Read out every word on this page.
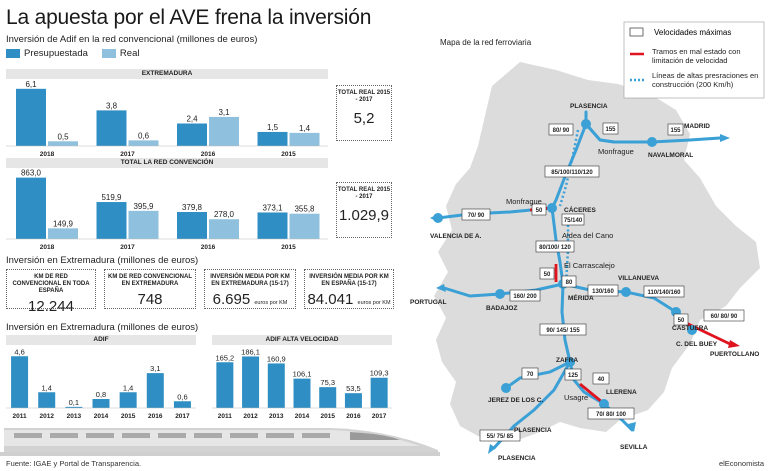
La apuesta por el AVE frena la inversión
Inversión de Adif en la red convencional (millones de euros)
Presupuestada	Real
EXTREMADURA
6,1
0,5
2018
3,8
0,6
2017
2,4
3,1
2016
1,5	1,4
2015
TOTAL REAL 2015 - 2017
5,2
TOTAL LA RED CONVENCIÓN
863,0
149,9
2018
519,9
395,9
2017
379,8
278,0
2016
373,1 355,8
2015
TOTAL REAL 2015 - 2017
1.029,9
Inversión en Extremadura (millones de euros)
KM DE RED CONVENCIONAL EN TODA ESPAÑA
12.244
KM DE RED CONVENCIONAL EN EXTREMADURA
748
INVERSIÓN MEDIA POR KM EN EXTREMADURA (15-17)
6.695 euros por KM
INVERSIÓN MEDIA POR KM EN ESPAÑA (15-17)
84.041 euros por KM
Inversión en Extremadura (millones de euros)
ADIF
4,6
2011
1,4
2012
0,1
2013
0,8
2014
1,4
2015
3,1
2016
0,6
2017
ADIF ALTA VELOCIDAD
165,2
2011
186,1
2012
160,9
2013
106,1
2014
75,3
2015
53,5
2016
109,3
2017
Fuente: IGAE y Portal de Transparencia.
Mapa de la red ferroviaria
Velocidades máximas
Tramos en mal estado con limitación de velocidad
Líneas de altas presraciones en construcción (200 Km/h)
80/ 90	155	155
85/100/110/120
70/ 90
50
75/140
80/100/ 120
50
80
160/ 200
130/160	110/140/160
60/ 80/ 90
50
90/ 145/ 155
70	125
40
70/ 80/ 100
55/ 75/ 85
PLASENCIA
MADRID
NAVALMORAL
CÁCERES
VALENCIA DE A.
VILLANUEVA
PORTUGAL
BADAJOZ
MÉRIDA
CASTUERA
PUERTOLLANO
C. DEL BUEY
ZAFRA
JEREZ DE LOS C.
LLERENA
PLASENCIA
PLASENCIA
SEVILLA
Monfrague
Monfrague
Aldea del Cano
El Carrascalejo
Usagre
elEconomista
